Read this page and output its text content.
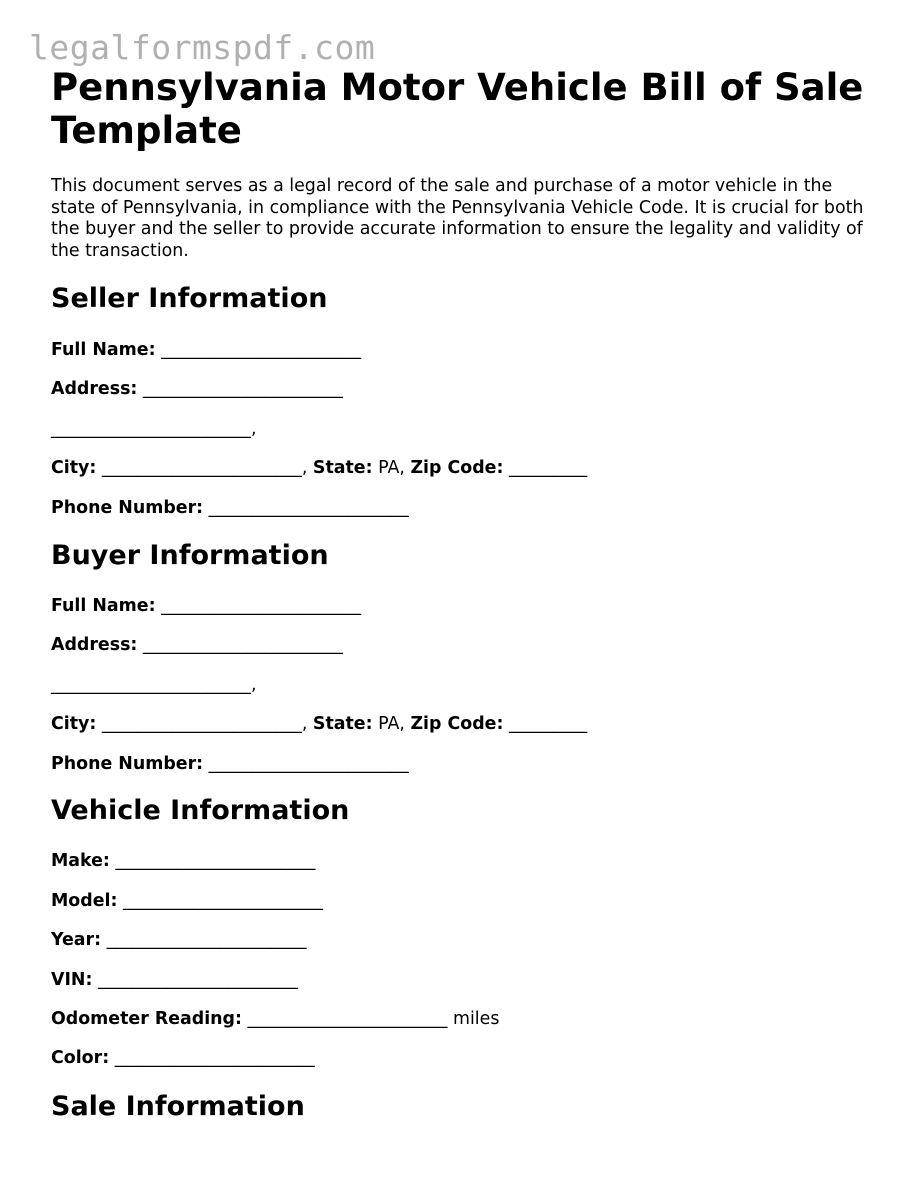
legalformspdf.com
Pennsylvania Motor Vehicle Bill of Sale Template

This document serves as a legal record of the sale and purchase of a motor vehicle in the state of Pennsylvania, in compliance with the Pennsylvania Vehicle Code. It is crucial for both the buyer and the seller to provide accurate information to ensure the legality and validity of the transaction.

Seller Information

Full Name: _______________________

Address: _______________________

_______________________,

City: _______________________, State: PA, Zip Code: _________

Phone Number: _______________________

Buyer Information

Full Name: _______________________

Address: _______________________

_______________________,

City: _______________________, State: PA, Zip Code: _________

Phone Number: _______________________

Vehicle Information

Make: _______________________

Model: _______________________

Year: _______________________

VIN: _______________________

Odometer Reading: _______________________ miles

Color: _______________________

Sale Information
